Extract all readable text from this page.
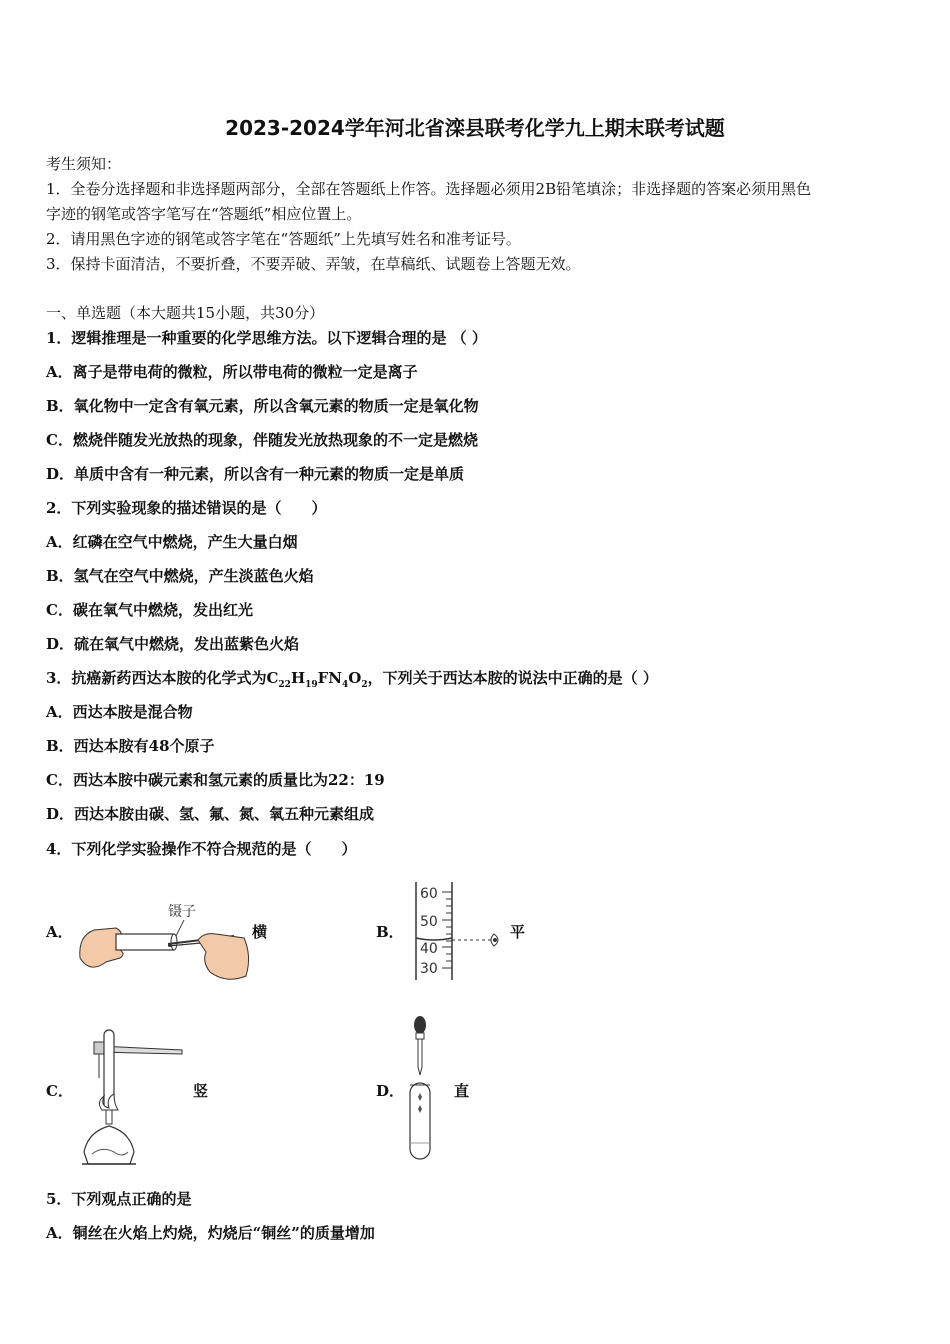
2023-2024学年河北省滦县联考化学九上期末联考试题
考生须知：
1．全卷分选择题和非选择题两部分，全部在答题纸上作答。选择题必须用2B铅笔填涂；非选择题的答案必须用黑色
字迹的钢笔或答字笔写在“答题纸”相应位置上。
2．请用黑色字迹的钢笔或答字笔在“答题纸”上先填写姓名和准考证号。
3．保持卡面清洁，不要折叠，不要弄破、弄皱，在草稿纸、试题卷上答题无效。
一、单选题（本大题共15小题，共30分）
1．逻辑推理是一种重要的化学思维方法。以下逻辑合理的是 （ ）
A．离子是带电荷的微粒，所以带电荷的微粒一定是离子
B．氧化物中一定含有氧元素，所以含氧元素的物质一定是氧化物
C．燃烧伴随发光放热的现象，伴随发光放热现象的不一定是燃烧
D．单质中含有一种元素，所以含有一种元素的物质一定是单质
2．下列实验现象的描述错误的是（　　）
A．红磷在空气中燃烧，产生大量白烟
B．氢气在空气中燃烧，产生淡蓝色火焰
C．碳在氧气中燃烧，发出红光
D．硫在氧气中燃烧，发出蓝紫色火焰
3．抗癌新药西达本胺的化学式为$C_{22}H_{19}FN_4O_2$，下列关于西达本胺的说法中正确的是（ ）
A．西达本胺是混合物
B．西达本胺有48个原子
C．西达本胺中碳元素和氢元素的质量比为22：19
D．西达本胺由碳、氢、氟、氮、氧五种元素组成
4．下列化学实验操作不符合规范的是（　　）
A．
镊子
横	B．
60
50
40
30
平
C．	竖	D．	直
5．下列观点正确的是
A．铜丝在火焰上灼烧，灼烧后“铜丝”的质量增加
